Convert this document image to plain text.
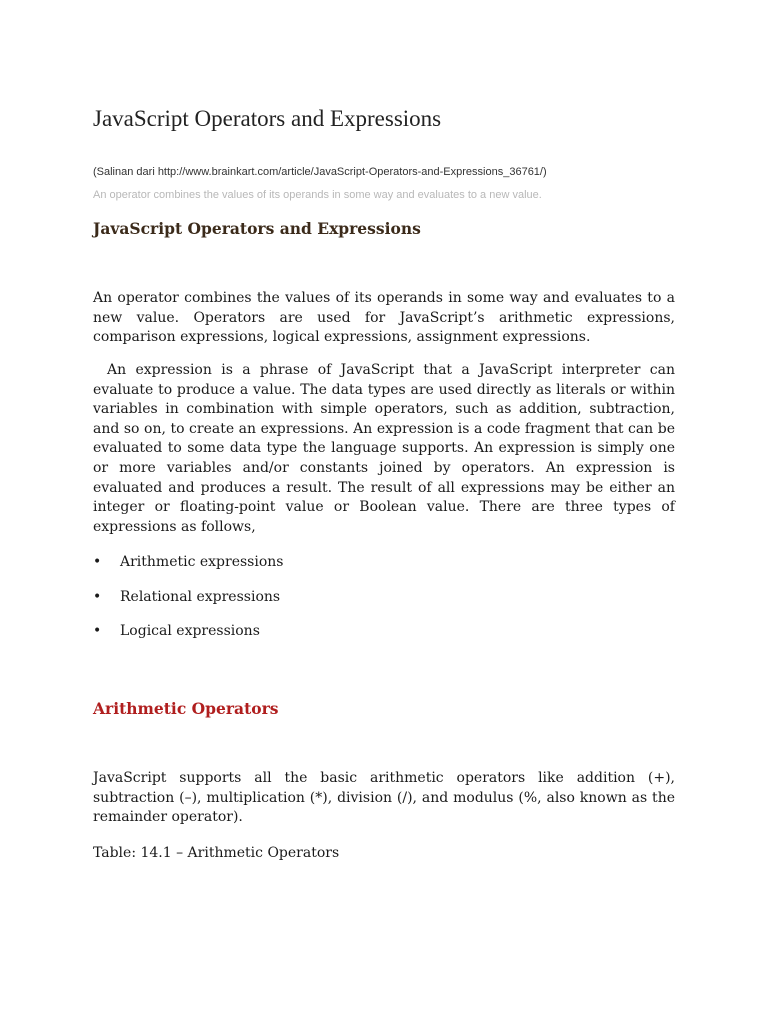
JavaScript Operators and Expressions

(Salinan dari http://www.brainkart.com/article/JavaScript-Operators-and-Expressions_36761/)

An operator combines the values of its operands in some way and evaluates to a new value.

JavaScript Operators and Expressions

An operator combines the values of its operands in some way and evaluates to a new value. Operators are used for JavaScript’s arithmetic expressions, comparison expressions, logical expressions, assignment expressions.

An expression is a phrase of JavaScript that a JavaScript interpreter can evaluate to produce a value. The data types are used directly as literals or within variables in combination with simple operators, such as addition, subtraction, and so on, to create an expressions. An expression is a code fragment that can be evaluated to some data type the language supports. An expression is simply one or more variables and/or constants joined by operators. An expression is evaluated and produces a result. The result of all expressions may be either an integer or floating-point value or Boolean value. There are three types of expressions as follows,

• Arithmetic expressions
• Relational expressions
• Logical expressions
Arithmetic Operators

JavaScript supports all the basic arithmetic operators like addition (+), subtraction (–), multiplication (*), division (/), and modulus (%, also known as the remainder operator).

Table: 14.1 – Arithmetic Operators
